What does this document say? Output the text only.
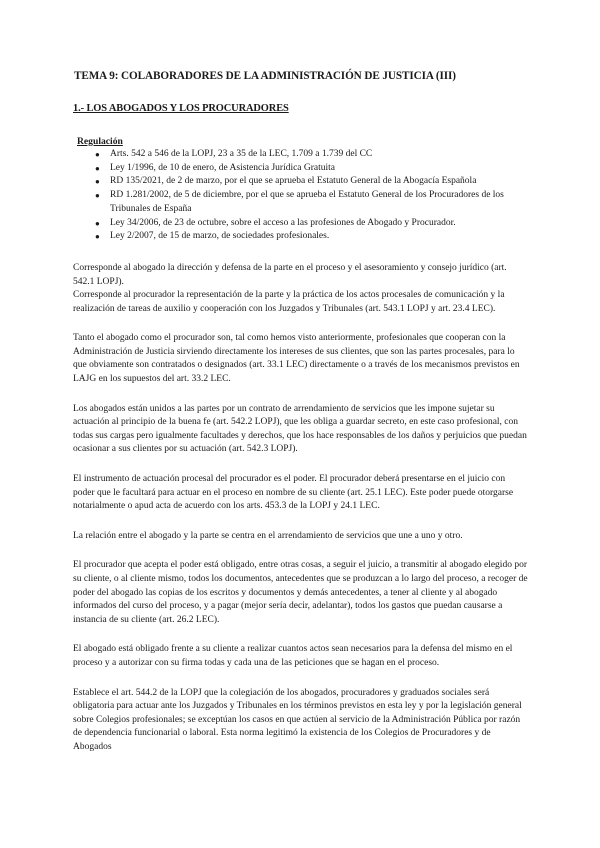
TEMA 9: COLABORADORES DE LA ADMINISTRACIÓN DE JUSTICIA (III)
1.- LOS ABOGADOS Y LOS PROCURADORES
Regulación
● Arts. 542 a 546 de la LOPJ, 23 a 35 de la LEC, 1.709 a 1.739 del CC
● Ley 1/1996, de 10 de enero, de Asistencia Jurídica Gratuita
● RD 135/2021, de 2 de marzo, por el que se aprueba el Estatuto General de la Abogacía Española
● RD 1.281/2002, de 5 de diciembre, por el que se aprueba el Estatuto General de los Procuradores de los Tribunales de España
● Ley 34/2006, de 23 de octubre, sobre el acceso a las profesiones de Abogado y Procurador.
● Ley 2/2007, de 15 de marzo, de sociedades profesionales.

Corresponde al abogado la dirección y defensa de la parte en el proceso y el asesoramiento y consejo jurídico (art. 542.1 LOPJ).

Corresponde al procurador la representación de la parte y la práctica de los actos procesales de comunicación y la realización de tareas de auxilio y cooperación con los Juzgados y Tribunales (art. 543.1 LOPJ y art. 23.4 LEC).

Tanto el abogado como el procurador son, tal como hemos visto anteriormente, profesionales que cooperan con la Administración de Justicia sirviendo directamente los intereses de sus clientes, que son las partes procesales, para lo que obviamente son contratados o designados (art. 33.1 LEC) directamente o a través de los mecanismos previstos en LAJG en los supuestos del art. 33.2 LEC.

Los abogados están unidos a las partes por un contrato de arrendamiento de servicios que les impone sujetar su actuación al principio de la buena fe (art. 542.2 LOPJ), que les obliga a guardar secreto, en este caso profesional, con todas sus cargas pero igualmente facultades y derechos, que los hace responsables de los daños y perjuicios que puedan ocasionar a sus clientes por su actuación (art. 542.3 LOPJ).

El instrumento de actuación procesal del procurador es el poder. El procurador deberá presentarse en el juicio con poder que le facultará para actuar en el proceso en nombre de su cliente (art. 25.1 LEC). Este poder puede otorgarse notarialmente o apud acta de acuerdo con los arts. 453.3 de la LOPJ y 24.1 LEC.

La relación entre el abogado y la parte se centra en el arrendamiento de servicios que une a uno y otro.

El procurador que acepta el poder está obligado, entre otras cosas, a seguir el juicio, a transmitir al abogado elegido por su cliente, o al cliente mismo, todos los documentos, antecedentes que se produzcan a lo largo del proceso, a recoger de poder del abogado las copias de los escritos y documentos y demás antecedentes, a tener al cliente y al abogado informados del curso del proceso, y a pagar (mejor sería decir, adelantar), todos los gastos que puedan causarse a instancia de su cliente (art. 26.2 LEC).

El abogado está obligado frente a su cliente a realizar cuantos actos sean necesarios para la defensa del mismo en el proceso y a autorizar con su firma todas y cada una de las peticiones que se hagan en el proceso.

Establece el art. 544.2 de la LOPJ que la colegiación de los abogados, procuradores y graduados sociales será obligatoria para actuar ante los Juzgados y Tribunales en los términos previstos en esta ley y por la legislación general sobre Colegios profesionales; se exceptúan los casos en que actúen al servicio de la Administración Pública por razón de dependencia funcionarial o laboral. Esta norma legitimó la existencia de los Colegios de Procuradores y de Abogados
